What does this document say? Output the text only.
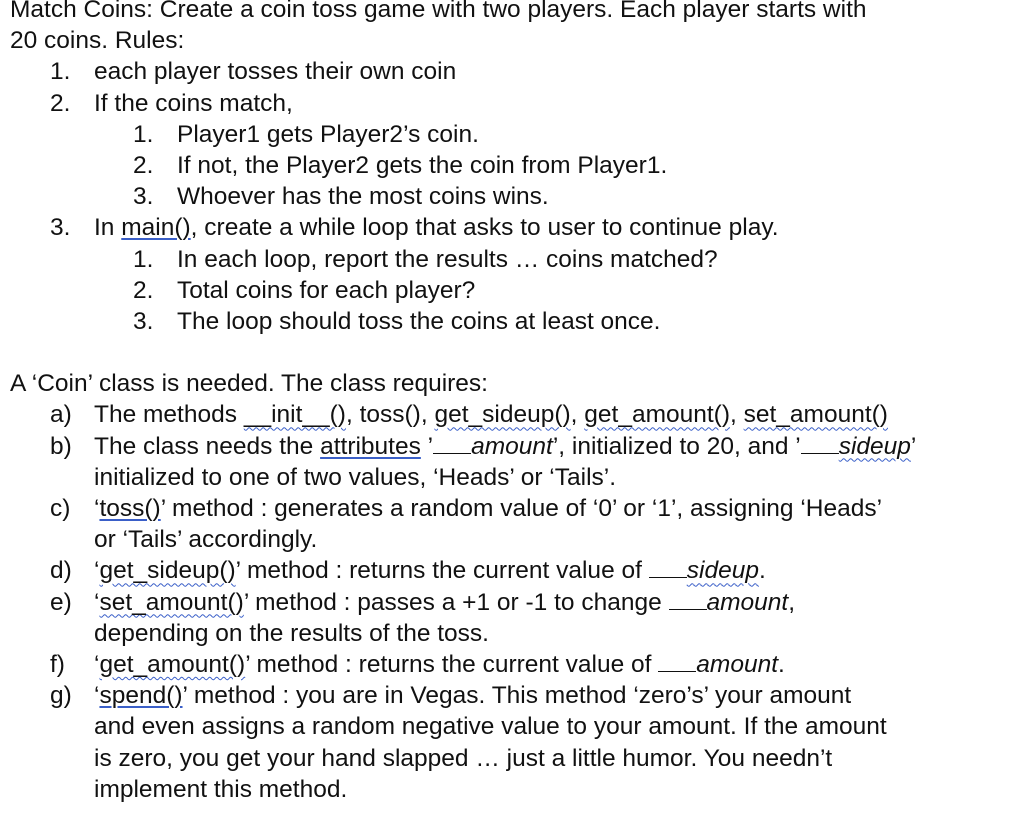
Match Coins: Create a coin toss game with two players. Each player starts with
20 coins. Rules:
1. each player tosses their own coin
2. If the coins match,
1. Player1 gets Player2’s coin.
2. If not, the Player2 gets the coin from Player1.
3. Whoever has the most coins wins.
3. In main(), create a while loop that asks to user to continue play.
1. In each loop, report the results … coins matched?
2. Total coins for each player?
3. The loop should toss the coins at least once.
A ‘Coin’ class is needed. The class requires:
a) The methods __init__(), toss(), get_sideup(), get_amount(), set_amount()
b) The class needs the attributes ’ amount’, initialized to 20, and ’ sideup’
initialized to one of two values, ‘Heads’ or ‘Tails’.
c) ‘toss()’ method : generates a random value of ‘0’ or ‘1’, assigning ‘Heads’
or ‘Tails’ accordingly.
d) ‘get_sideup()’ method : returns the current value of sideup.
e) ‘set_amount()’ method : passes a +1 or -1 to change amount,
depending on the results of the toss.
f) ‘get_amount()’ method : returns the current value of amount.
g) ‘spend()’ method : you are in Vegas. This method ‘zero’s’ your amount
and even assigns a random negative value to your amount. If the amount
is zero, you get your hand slapped … just a little humor. You needn’t
implement this method.
